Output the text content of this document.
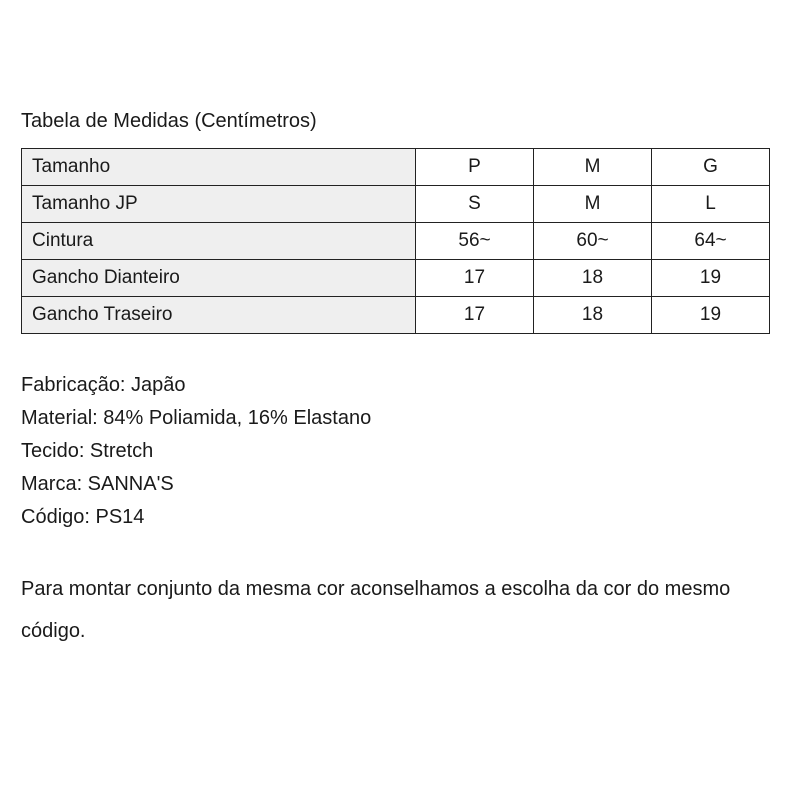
Tabela de Medidas (Centímetros)
Tamanho	P	M	G
Tamanho JP	S	M	L
Cintura	56~	60~	64~
Gancho Dianteiro	17	18	19
Gancho Traseiro	17	18	19
Fabricação: Japão
Material: 84% Poliamida, 16% Elastano
Tecido: Stretch
Marca: SANNA'S
Código: PS14
Para montar conjunto da mesma cor aconselhamos a escolha da cor do mesmo código.
